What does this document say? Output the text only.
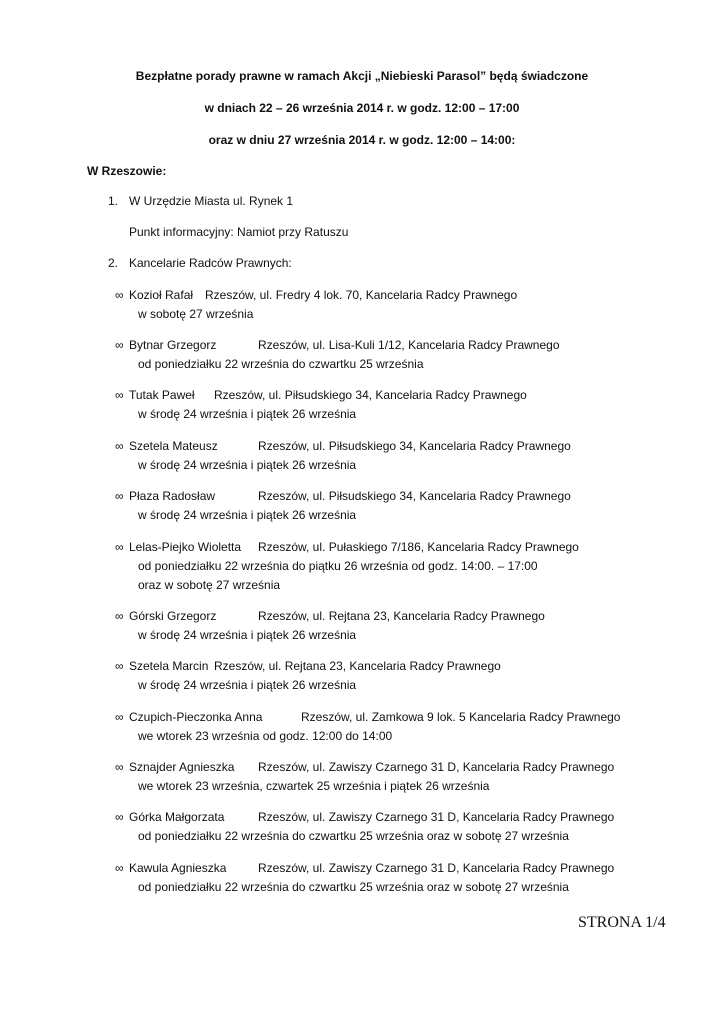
Bezpłatne porady prawne w ramach Akcji „Niebieski Parasol” będą świadczone
w dniach 22 – 26 września 2014 r. w godz. 12:00 – 17:00
oraz w dniu 27 września 2014 r. w godz. 12:00 – 14:00:
W Rzeszowie:
1. W Urzędzie Miasta ul. Rynek 1
Punkt informacyjny: Namiot przy Ratuszu
2. Kancelarie Radców Prawnych:
∞ Kozioł Rafał Rzeszów, ul. Fredry 4 lok. 70, Kancelaria Radcy Prawnego
w sobotę 27 września
∞ Bytnar Grzegorz	Rzeszów, ul. Lisa-Kuli 1/12, Kancelaria Radcy Prawnego
od poniedziałku 22 września do czwartku 25 września
∞ Tutak Paweł Rzeszów, ul. Piłsudskiego 34, Kancelaria Radcy Prawnego
w środę 24 września i piątek 26 września
∞ Szetela Mateusz	Rzeszów, ul. Piłsudskiego 34, Kancelaria Radcy Prawnego
w środę 24 września i piątek 26 września
∞ Płaza Radosław	Rzeszów, ul. Piłsudskiego 34, Kancelaria Radcy Prawnego
w środę 24 września i piątek 26 września
∞ Lelas-Piejko Wioletta Rzeszów, ul. Pułaskiego 7/186, Kancelaria Radcy Prawnego
od poniedziałku 22 września do piątku 26 września od godz. 14:00. – 17:00
oraz w sobotę 27 września
∞ Górski Grzegorz	Rzeszów, ul. Rejtana 23, Kancelaria Radcy Prawnego
w środę 24 września i piątek 26 września
∞ Szetela Marcin Rzeszów, ul. Rejtana 23, Kancelaria Radcy Prawnego
w środę 24 września i piątek 26 września
∞ Czupich-Pieczonka Anna	Rzeszów, ul. Zamkowa 9 lok. 5 Kancelaria Radcy Prawnego
we wtorek 23 września od godz. 12:00 do 14:00
∞ Sznajder Agnieszka Rzeszów, ul. Zawiszy Czarnego 31 D, Kancelaria Radcy Prawnego
we wtorek 23 września, czwartek 25 września i piątek 26 września
∞ Górka Małgorzata	Rzeszów, ul. Zawiszy Czarnego 31 D, Kancelaria Radcy Prawnego
od poniedziałku 22 września do czwartku 25 września oraz w sobotę 27 września
∞ Kawula Agnieszka	Rzeszów, ul. Zawiszy Czarnego 31 D, Kancelaria Radcy Prawnego
od poniedziałku 22 września do czwartku 25 września oraz w sobotę 27 września
STRONA 1/4
